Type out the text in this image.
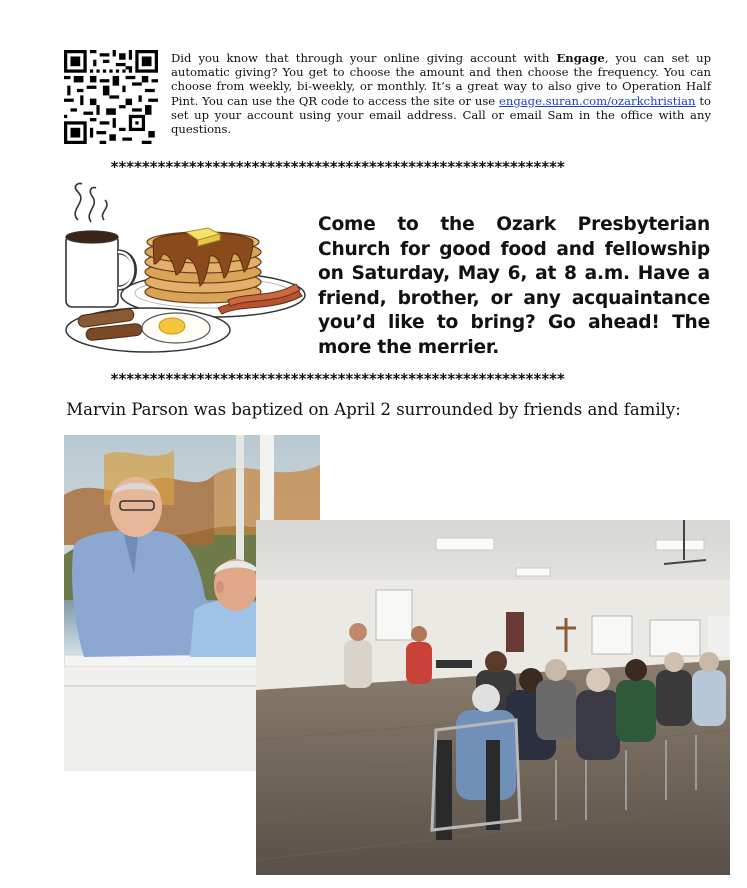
Did you know that through your online giving account with Engage, you can set up automatic giving? You get to choose the amount and then choose the frequency. You can choose from weekly, bi-weekly, or monthly. It’s a great way to also give to Operation Half Pint. You can use the QR code to access the site or use engage.suran.com/ozarkchristian to set up your account using your email address. Call or email Sam in the office with any questions.
**********************************************************
Come to the Ozark Presbyterian Church for good food and fellowship on Saturday, May 6, at 8 a.m. Have a friend, brother, or any acquaintance you’d like to bring? Go ahead! The more the merrier.
**********************************************************
Marvin Parson was baptized on April 2 surrounded by friends and family:
